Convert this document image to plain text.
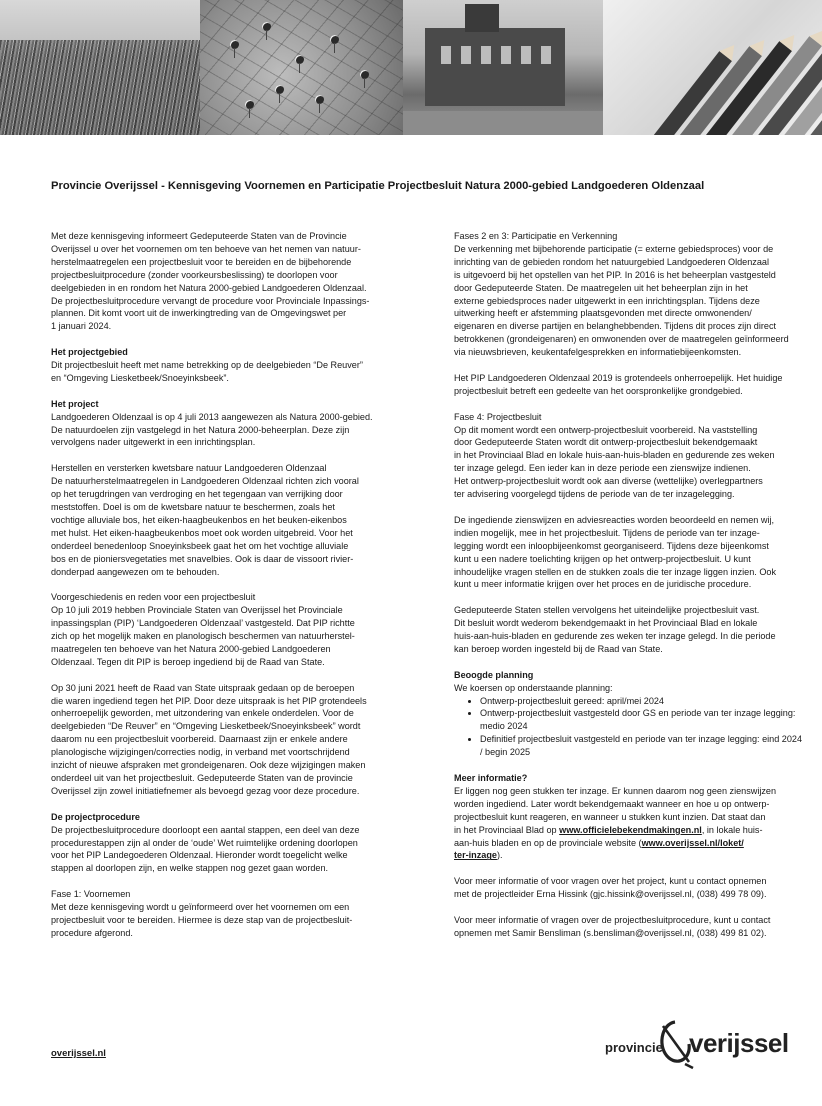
Provincie Overijssel - Kennisgeving Voornemen en Participatie Projectbesluit Natura 2000-gebied Landgoederen Oldenzaal

Met deze kennisgeving informeert Gedeputeerde Staten van de Provincie
Overijssel u over het voornemen om ten behoeve van het nemen van natuur-
herstelmaatregelen een projectbesluit voor te bereiden en de bijbehorende
projectbesluitprocedure (zonder voorkeursbeslissing) te doorlopen voor
deelgebieden in en rondom het Natura 2000-gebied Landgoederen Oldenzaal.
De projectbesluitprocedure vervangt de procedure voor Provinciale Inpassings-
plannen. Dit komt voort uit de inwerkingtreding van de Omgevingswet per
1 januari 2024.

Het projectgebied

Dit projectbesluit heeft met name betrekking op de deelgebieden “De Reuver”
en “Omgeving Liesketbeek/Snoeyinksbeek”.

Het project

Landgoederen Oldenzaal is op 4 juli 2013 aangewezen als Natura 2000-gebied.
De natuurdoelen zijn vastgelegd in het Natura 2000-beheerplan. Deze zijn
vervolgens nader uitgewerkt in een inrichtingsplan.

Herstellen en versterken kwetsbare natuur Landgoederen Oldenzaal
De natuurherstelmaatregelen in Landgoederen Oldenzaal richten zich vooral
op het terugdringen van verdroging en het tegengaan van verrijking door
meststoffen. Doel is om de kwetsbare natuur te beschermen, zoals het
vochtige alluviale bos, het eiken-haagbeukenbos en het beuken-eikenbos
met hulst. Het eiken-haagbeukenbos moet ook worden uitgebreid. Voor het
onderdeel benedenloop Snoeyinksbeek gaat het om het vochtige alluviale
bos en de pioniersvegetaties met snavelbies. Ook is daar de vissoort rivier-
donderpad aangewezen om te behouden.

Voorgeschiedenis en reden voor een projectbesluit
Op 10 juli 2019 hebben Provinciale Staten van Overijssel het Provinciale
inpassingsplan (PIP) ‘Landgoederen Oldenzaal’ vastgesteld. Dat PIP richtte
zich op het mogelijk maken en planologisch beschermen van natuurherstel-
maatregelen ten behoeve van het Natura 2000-gebied Landgoederen
Oldenzaal. Tegen dit PIP is beroep ingediend bij de Raad van State.

Op 30 juni 2021 heeft de Raad van State uitspraak gedaan op de beroepen
die waren ingediend tegen het PIP. Door deze uitspraak is het PIP grotendeels
onherroepelijk geworden, met uitzondering van enkele onderdelen. Voor de
deelgebieden “De Reuver” en “Omgeving Liesketbeek/Snoeyinksbeek” wordt
daarom nu een projectbesluit voorbereid. Daarnaast zijn er enkele andere
planologische wijzigingen/correcties nodig, in verband met voortschrijdend
inzicht of nieuwe afspraken met grondeigenaren. Ook deze wijzigingen maken
onderdeel uit van het projectbesluit. Gedeputeerde Staten van de provincie
Overijssel zijn zowel initiatiefnemer als bevoegd gezag voor deze procedure.

De projectprocedure

De projectbesluitprocedure doorloopt een aantal stappen, een deel van deze
procedurestappen zijn al onder de ‘oude’ Wet ruimtelijke ordening doorlopen
voor het PIP Landegoederen Oldenzaal. Hieronder wordt toegelicht welke
stappen al doorlopen zijn, en welke stappen nog gezet gaan worden.

Fase 1: Voornemen
Met deze kennisgeving wordt u geïnformeerd over het voornemen om een
projectbesluit voor te bereiden. Hiermee is deze stap van de projectbesluit-
procedure afgerond.

Fases 2 en 3: Participatie en Verkenning
De verkenning met bijbehorende participatie (= externe gebiedsproces) voor de
inrichting van de gebieden rondom het natuurgebied Landgoederen Oldenzaal
is uitgevoerd bij het opstellen van het PIP. In 2016 is het beheerplan vastgesteld
door Gedeputeerde Staten. De maatregelen uit het beheerplan zijn in het
externe gebiedsproces nader uitgewerkt in een inrichtingsplan. Tijdens deze
uitwerking heeft er afstemming plaatsgevonden met directe omwonenden/
eigenaren en diverse partijen en belanghebbenden. Tijdens dit proces zijn direct
betrokkenen (grondeigenaren) en omwonenden over de maatregelen geïnformeerd
via nieuwsbrieven, keukentafelgesprekken en informatiebijeenkomsten.

Het PIP Landgoederen Oldenzaal 2019 is grotendeels onherroepelijk. Het huidige
projectbesluit betreft een gedeelte van het oorspronkelijke grondgebied.

Fase 4: Projectbesluit
Op dit moment wordt een ontwerp-projectbesluit voorbereid. Na vaststelling
door Gedeputeerde Staten wordt dit ontwerp-projectbesluit bekendgemaakt
in het Provinciaal Blad en lokale huis-aan-huis-bladen en gedurende zes weken
ter inzage gelegd. Een ieder kan in deze periode een zienswijze indienen.
Het ontwerp-projectbesluit wordt ook aan diverse (wettelijke) overlegpartners
ter advisering voorgelegd tijdens de periode van de ter inzagelegging.

De ingediende zienswijzen en adviesreacties worden beoordeeld en nemen wij,
indien mogelijk, mee in het projectbesluit. Tijdens de periode van ter inzage-
legging wordt een inloopbijeenkomst georganiseerd. Tijdens deze bijeenkomst
kunt u een nadere toelichting krijgen op het ontwerp-projectbesluit. U kunt
inhoudelijke vragen stellen en de stukken zoals die ter inzage liggen inzien. Ook
kunt u meer informatie krijgen over het proces en de juridische procedure.

Gedeputeerde Staten stellen vervolgens het uiteindelijke projectbesluit vast.
Dit besluit wordt wederom bekendgemaakt in het Provinciaal Blad en lokale
huis-aan-huis-bladen en gedurende zes weken ter inzage gelegd. In die periode
kan beroep worden ingesteld bij de Raad van State.

Beoogde planning
We koersen op onderstaande planning:
• Ontwerp-projectbesluit gereed: april/mei 2024
• Ontwerp-projectbesluit vastgesteld door GS en periode van ter inzage legging: medio 2024
• Definitief projectbesluit vastgesteld en periode van ter inzage legging: eind 2024 / begin 2025
Meer informatie?

Er liggen nog geen stukken ter inzage. Er kunnen daarom nog geen zienswijzen
worden ingediend. Later wordt bekendgemaakt wanneer en hoe u op ontwerp-
projectbesluit kunt reageren, en wanneer u stukken kunt inzien. Dat staat dan
in het Provinciaal Blad op www.officielebekendmakingen.nl, in lokale huis-
aan-huis bladen en op de provinciale website (www.overijssel.nl/loket/
ter-inzage).

Voor meer informatie of voor vragen over het project, kunt u contact opnemen
met de projectleider Erna Hissink (gjc.hissink@overijssel.nl, (038) 499 78 09).

Voor meer informatie of vragen over de projectbesluitprocedure, kunt u contact
opnemen met Samir Bensliman (s.bensliman@overijssel.nl, (038) 499 81 02).

overijssel.nl	provincie verijssel
